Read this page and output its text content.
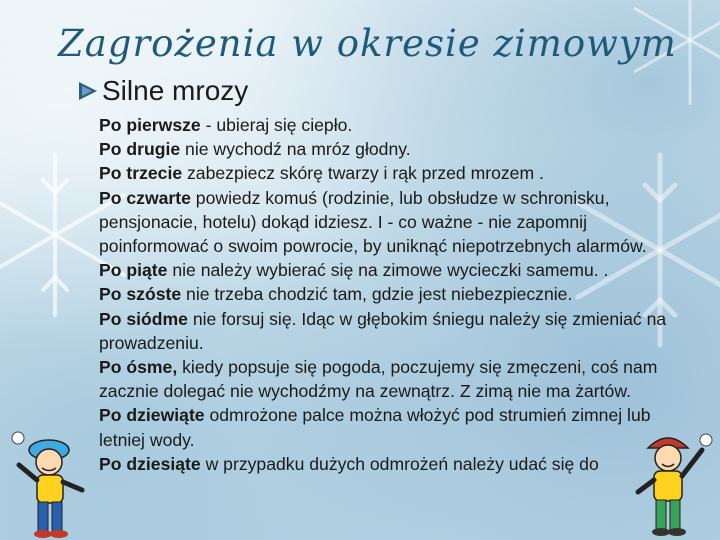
Zagrożenia w okresie zimowym
Silne mrozy

Po pierwsze - ubieraj się ciepło.

Po drugie nie wychodź na mróz głodny.

Po trzecie zabezpiecz skórę twarzy i rąk przed mrozem .

Po czwarte powiedz komuś (rodzinie, lub obsłudze w schronisku, pensjonacie, hotelu) dokąd idziesz. I - co ważne - nie zapomnij poinformować o swoim powrocie, by uniknąć niepotrzebnych alarmów.

Po piąte nie należy wybierać się na zimowe wycieczki samemu. .

Po szóste nie trzeba chodzić tam, gdzie jest niebezpiecznie.

Po siódme nie forsuj się. Idąc w głębokim śniegu należy się zmieniać na prowadzeniu.

Po ósme, kiedy popsuje się pogoda, poczujemy się zmęczeni, coś nam zacznie dolegać nie wychodźmy na zewnątrz. Z zimą nie ma żartów.

Po dziewiąte odmrożone palce można włożyć pod strumień zimnej lub letniej wody.

Po dziesiąte w przypadku dużych odmrożeń należy udać się do
